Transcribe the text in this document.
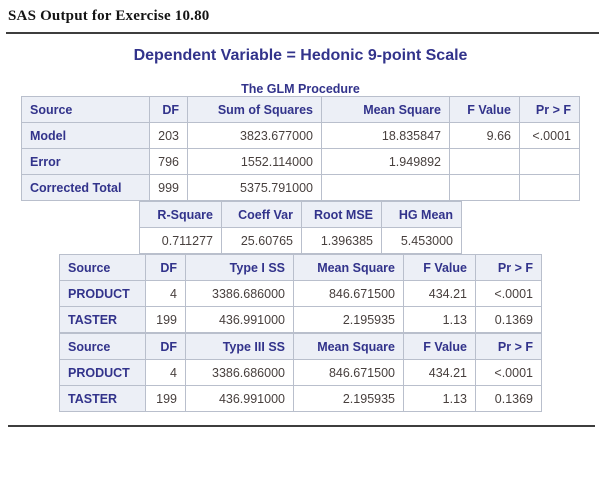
SAS Output for Exercise 10.80
Dependent Variable = Hedonic 9-point Scale
The GLM Procedure
Source	DF	Sum of Squares	Mean Square	F Value	Pr > F
Model	203	3823.677000	18.835847	9.66	<.0001
Error	796	1552.114000	1.949892		
Corrected Total	999	5375.791000			
R-Square	Coeff Var	Root MSE	HG Mean
0.711277	25.60765	1.396385	5.453000
Source	DF	Type I SS	Mean Square	F Value	Pr > F
PRODUCT	4	3386.686000	846.671500	434.21	<.0001
TASTER	199	436.991000	2.195935	1.13	0.1369
Source	DF	Type III SS	Mean Square	F Value	Pr > F
PRODUCT	4	3386.686000	846.671500	434.21	<.0001
TASTER	199	436.991000	2.195935	1.13	0.1369
